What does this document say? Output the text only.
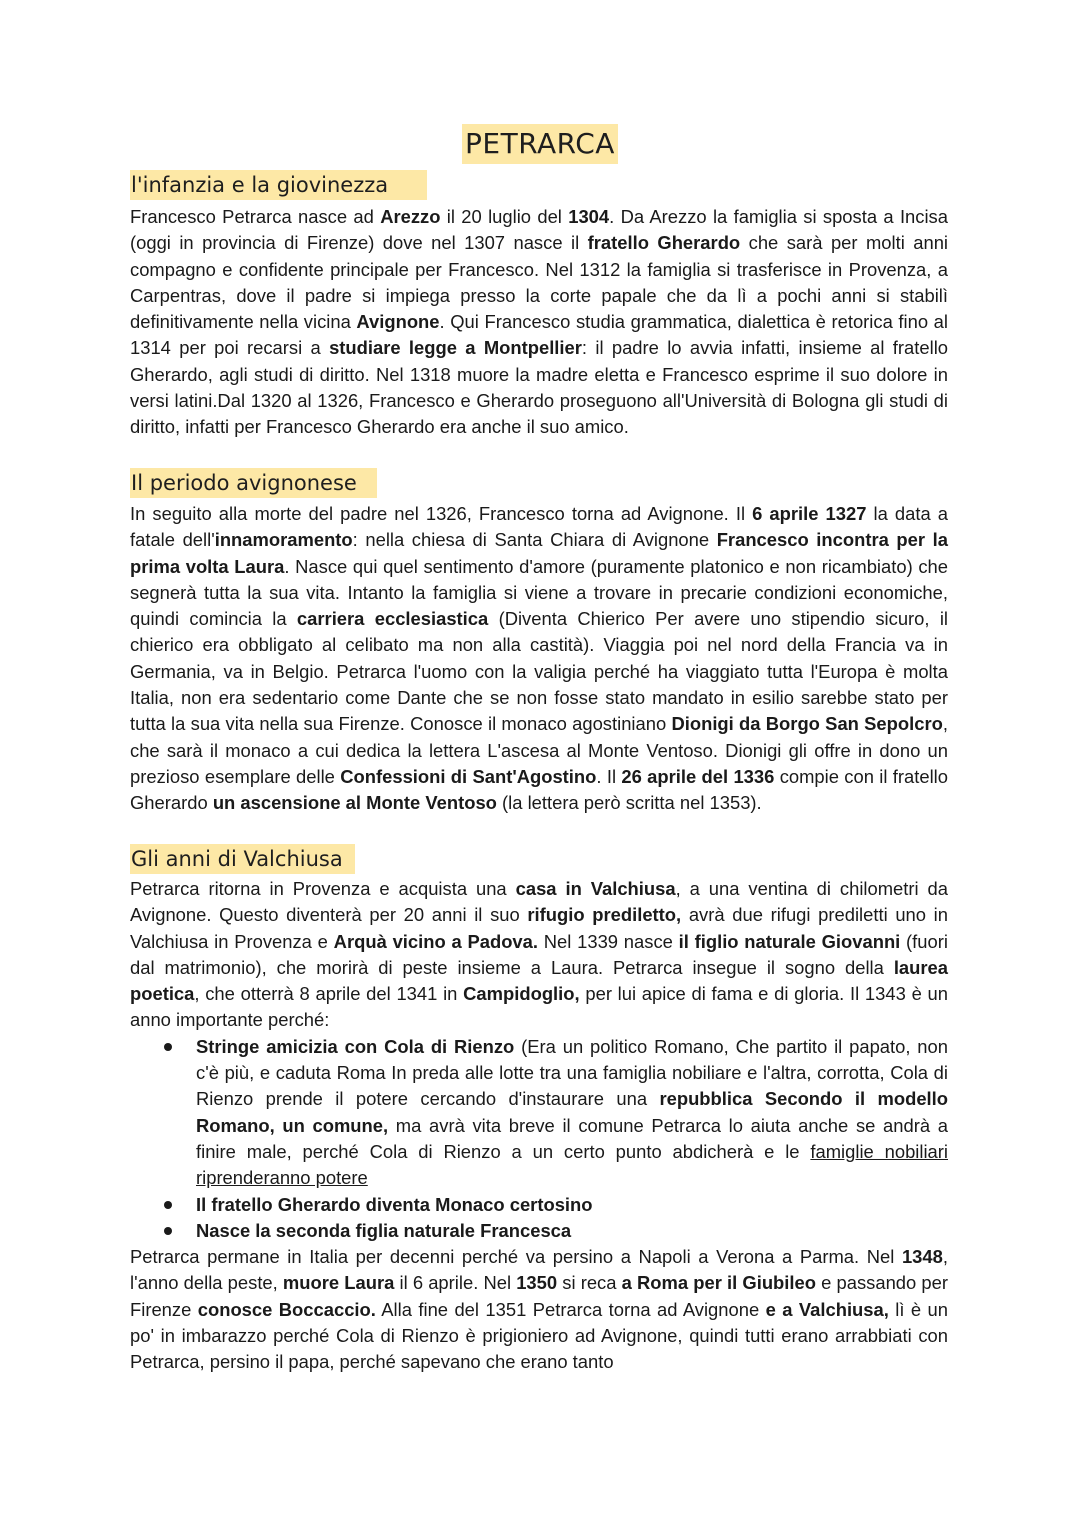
PETRARCA
l'infanzia e la giovinezza

Francesco Petrarca nasce ad Arezzo il 20 luglio del 1304. Da Arezzo la famiglia si sposta a Incisa (oggi in provincia di Firenze) dove nel 1307 nasce il fratello Gherardo che sarà per molti anni compagno e confidente principale per Francesco. Nel 1312 la famiglia si trasferisce in Provenza, a Carpentras, dove il padre si impiega presso la corte papale che da lì a pochi anni si stabilì definitivamente nella vicina Avignone. Qui Francesco studia grammatica, dialettica è retorica fino al 1314 per poi recarsi a studiare legge a Montpellier: il padre lo avvia infatti, insieme al fratello Gherardo, agli studi di diritto. Nel 1318 muore la madre eletta e Francesco esprime il suo dolore in versi latini.Dal 1320 al 1326, Francesco e Gherardo proseguono all'Università di Bologna gli studi di diritto, infatti per Francesco Gherardo era anche il suo amico.

Il periodo avignonese

In seguito alla morte del padre nel 1326, Francesco torna ad Avignone. Il 6 aprile 1327 la data a fatale dell'innamoramento: nella chiesa di Santa Chiara di Avignone Francesco incontra per la prima volta Laura. Nasce qui quel sentimento d'amore (puramente platonico e non ricambiato) che segnerà tutta la sua vita. Intanto la famiglia si viene a trovare in precarie condizioni economiche, quindi comincia la carriera ecclesiastica (Diventa Chierico Per avere uno stipendio sicuro, il chierico era obbligato al celibato ma non alla castità). Viaggia poi nel nord della Francia va in Germania, va in Belgio. Petrarca l'uomo con la valigia perché ha viaggiato tutta l'Europa è molta Italia, non era sedentario come Dante che se non fosse stato mandato in esilio sarebbe stato per tutta la sua vita nella sua Firenze. Conosce il monaco agostiniano Dionigi da Borgo San Sepolcro, che sarà il monaco a cui dedica la lettera L'ascesa al Monte Ventoso. Dionigi gli offre in dono un prezioso esemplare delle Confessioni di Sant'Agostino. Il 26 aprile del 1336 compie con il fratello Gherardo un ascensione al Monte Ventoso (la lettera però scritta nel 1353).

Gli anni di Valchiusa

Petrarca ritorna in Provenza e acquista una casa in Valchiusa, a una ventina di chilometri da Avignone. Questo diventerà per 20 anni il suo rifugio prediletto, avrà due rifugi prediletti uno in Valchiusa in Provenza e Arquà vicino a Padova. Nel 1339 nasce il figlio naturale Giovanni (fuori dal matrimonio), che morirà di peste insieme a Laura. Petrarca insegue il sogno della laurea poetica, che otterrà 8 aprile del 1341 in Campidoglio, per lui apice di fama e di gloria. Il 1343 è un anno importante perché:

Stringe amicizia con Cola di Rienzo (Era un politico Romano, Che partito il papato, non c'è più, e caduta Roma In preda alle lotte tra una famiglia nobiliare e l'altra, corrotta, Cola di Rienzo prende il potere cercando d'instaurare una repubblica Secondo il modello Romano, un comune, ma avrà vita breve il comune Petrarca lo aiuta anche se andrà a finire male, perché Cola di Rienzo a un certo punto abdicherà e le famiglie nobiliari riprenderanno potere
Il fratello Gherardo diventa Monaco certosino
Nasce la seconda figlia naturale Francesca

Petrarca permane in Italia per decenni perché va persino a Napoli a Verona a Parma. Nel 1348, l'anno della peste, muore Laura il 6 aprile. Nel 1350 si reca a Roma per il Giubileo e passando per Firenze conosce Boccaccio. Alla fine del 1351 Petrarca torna ad Avignone e a Valchiusa, lì è un po' in imbarazzo perché Cola di Rienzo è prigioniero ad Avignone, quindi tutti erano arrabbiati con Petrarca, persino il papa, perché sapevano che erano tanto
